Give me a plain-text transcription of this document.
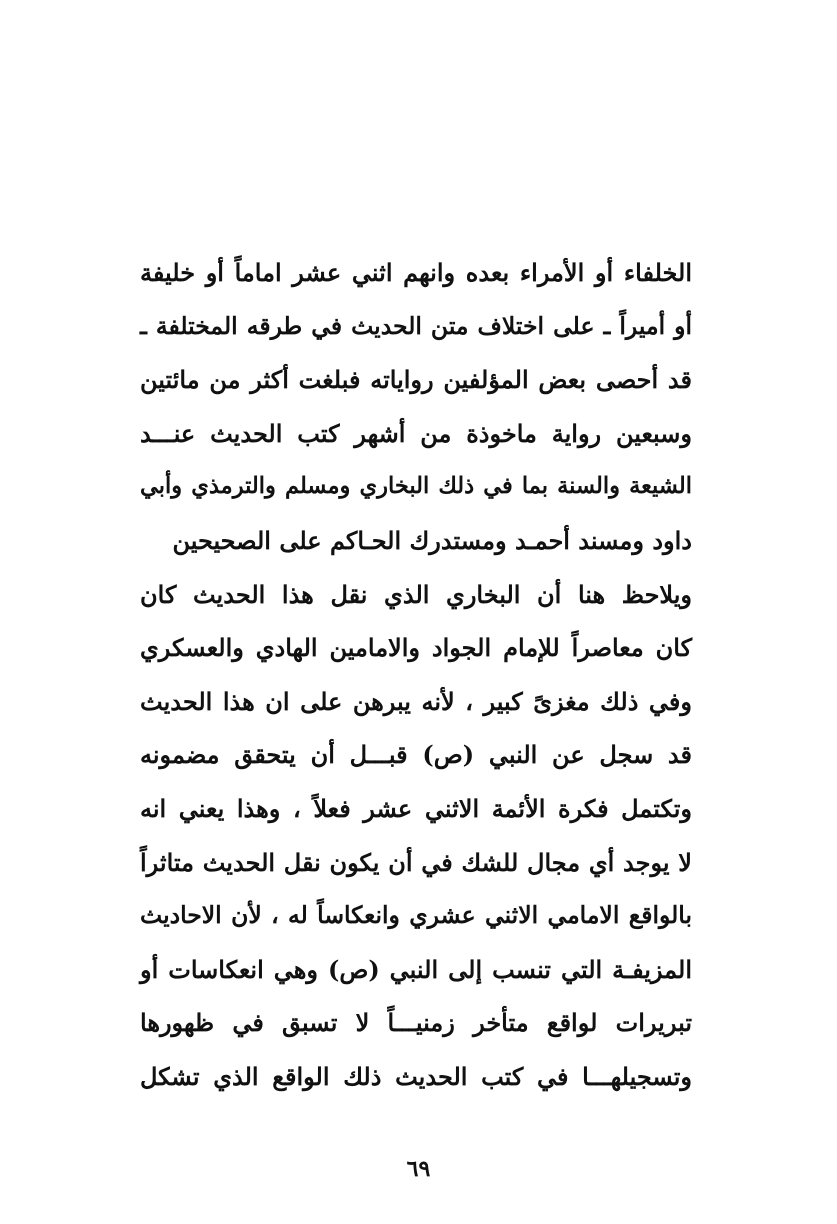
الخلفاء أو الأمراء بعده وانهم اثني عشر اماماً أو خليفة
أو أميراً ـ على اختلاف متن الحديث في طرقه المختلفة ـ
قد أحصى بعض المؤلفين رواياته فبلغت أكثر من مائتين
وسبعين رواية ماخوذة من أشهر كتب الحديث عنـــد
الشيعة والسنة بما في ذلك البخاري ومسلم والترمذي وأبي
داود ومسند أحمـد ومستدرك الحـاكم على الصحيحين
ويلاحظ هنا أن البخاري الذي نقل هذا الحديث كان
كان معاصراً للإمام الجواد والامامين الهادي والعسكري
وفي ذلك مغزىً كبير ، لأنه يبرهن على ان هذا الحديث
قد سجل عن النبي (ص) قبـــل أن يتحقق مضمونه
وتكتمل فكرة الأئمة الاثني عشر فعلاً ، وهذا يعني انه
لا يوجد أي مجال للشك في أن يكون نقل الحديث متاثراً
بالواقع الامامي الاثني عشري وانعكاساً له ، لأن الاحاديث
المزيفـة التي تنسب إلى النبي (ص) وهي انعكاسات أو
تبريرات لواقع متأخر زمنيـــاً لا تسبق في ظهورها
وتسجيلهـــا في كتب الحديث ذلك الواقع الذي تشكل
٦٩
